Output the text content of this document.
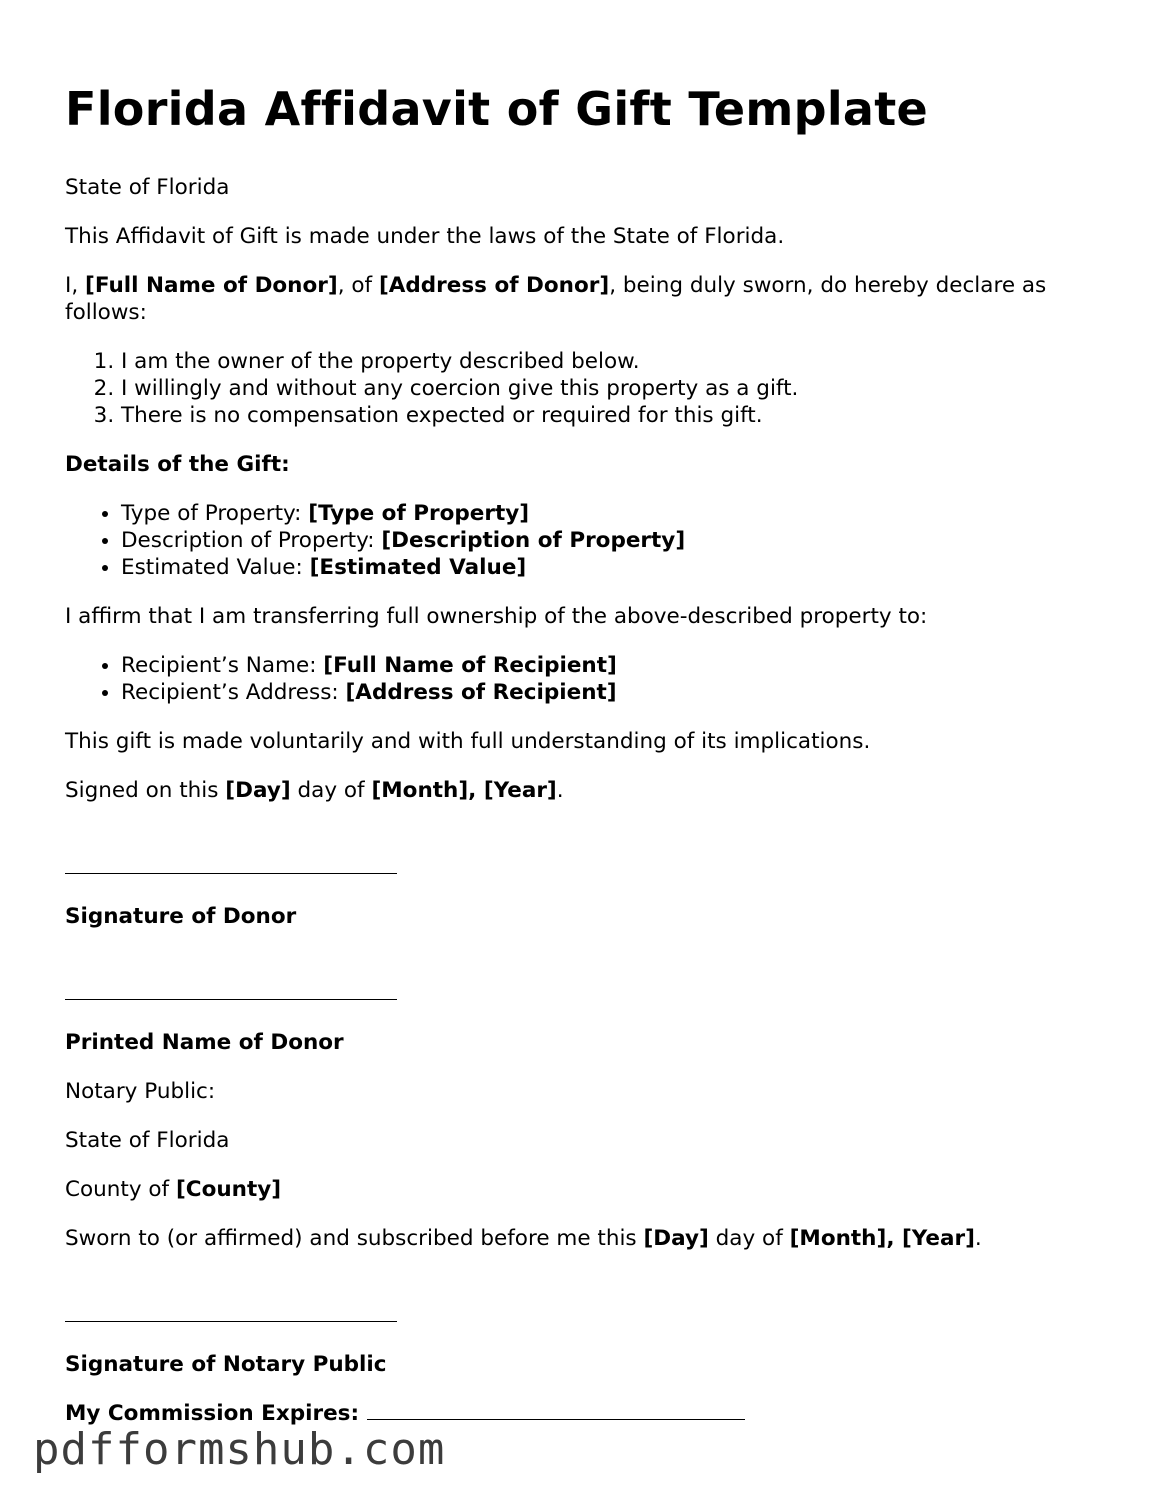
Florida Affidavit of Gift Template

State of Florida

This Affidavit of Gift is made under the laws of the State of Florida.

I, [Full Name of Donor], of [Address of Donor], being duly sworn, do hereby declare as follows:

1. I am the owner of the property described below.
2. I willingly and without any coercion give this property as a gift.
3. There is no compensation expected or required for this gift.

Details of the Gift:

• Type of Property: [Type of Property]
• Description of Property: [Description of Property]
• Estimated Value: [Estimated Value]

I affirm that I am transferring full ownership of the above-described property to:

• Recipient’s Name: [Full Name of Recipient]
• Recipient’s Address: [Address of Recipient]

This gift is made voluntarily and with full understanding of its implications.

Signed on this [Day] day of [Month], [Year].

Signature of Donor

Printed Name of Donor

Notary Public:

State of Florida

County of [County]

Sworn to (or affirmed) and subscribed before me this [Day] day of [Month], [Year].

Signature of Notary Public

My Commission Expires:

pdfformshub.com
